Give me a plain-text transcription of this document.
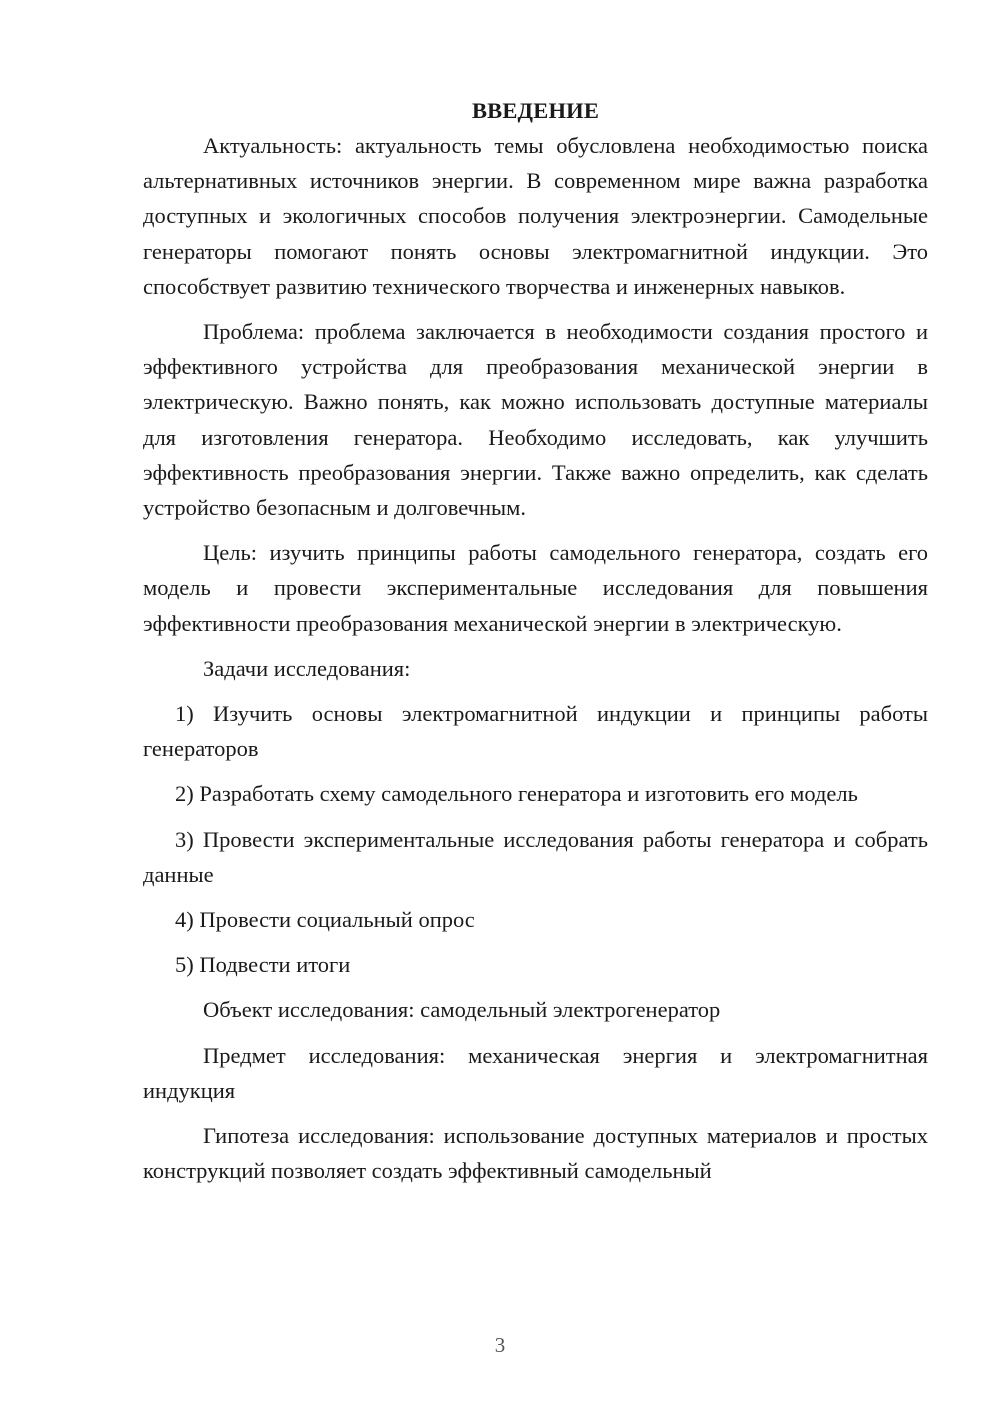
ВВЕДЕНИЕ

Актуальность: актуальность темы обусловлена необходимостью поиска альтернативных источников энергии. В современном мире важна разработка доступных и экологичных способов получения электроэнергии. Самодельные генераторы помогают понять основы электромагнитной индукции. Это способствует развитию технического творчества и инженерных навыков.

Проблема: проблема заключается в необходимости создания простого и эффективного устройства для преобразования механической энергии в электрическую. Важно понять, как можно использовать доступные материалы для изготовления генератора. Необходимо исследовать, как улучшить эффективность преобразования энергии. Также важно определить, как сделать устройство безопасным и долговечным.

Цель: изучить принципы работы самодельного генератора, создать его модель и провести экспериментальные исследования для повышения эффективности преобразования механической энергии в электрическую.

Задачи исследования:

1) Изучить основы электромагнитной индукции и принципы работы генераторов

2) Разработать схему самодельного генератора и изготовить его модель

3) Провести экспериментальные исследования работы генератора и собрать данные

4) Провести социальный опрос

5) Подвести итоги

Объект исследования: самодельный электрогенератор

Предмет исследования: механическая энергия и электромагнитная индукция

Гипотеза исследования: использование доступных материалов и простых конструкций позволяет создать эффективный самодельный

3
